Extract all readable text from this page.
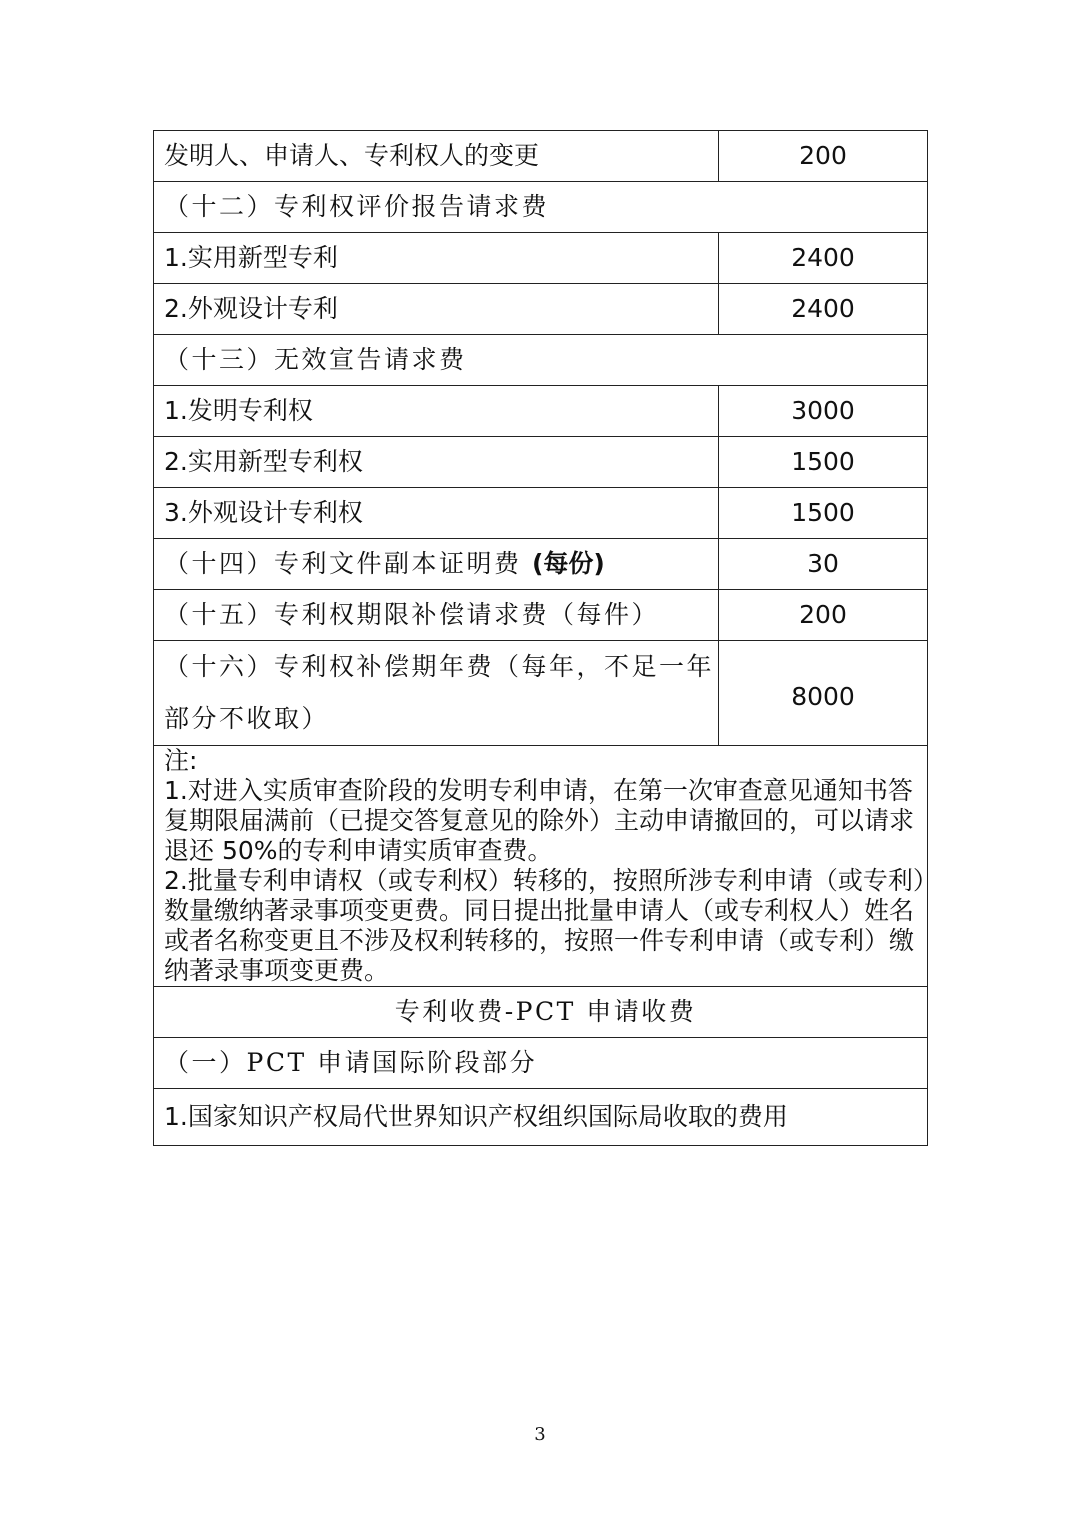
发明人、申请人、专利权人的变更	200
（十二）专利权评价报告请求费	
1.实用新型专利	2400
2.外观设计专利	2400
（十三）无效宣告请求费	
1.发明专利权	3000
2.实用新型专利权	1500
3.外观设计专利权	1500
（十四）专利文件副本证明费 (每份)	30
（十五）专利权期限补偿请求费（每件）	200
（十六）专利权补偿期年费（每年，不足一年部分不收取）	8000

注:

1.对进入实质审查阶段的发明专利申请，在第一次审查意见通知书答复期限届满前（已提交答复意见的除外）主动申请撤回的，可以请求退还 50%的专利申请实质审查费。

2.批量专利申请权（或专利权）转移的，按照所涉专利申请（或专利）数量缴纳著录事项变更费。同日提出批量申请人（或专利权人）姓名或者名称变更且不涉及权利转移的，按照一件专利申请（或专利）缴纳著录事项变更费。	

专利收费-PCT 申请收费	
（一）PCT 申请国际阶段部分	
1.国家知识产权局代世界知识产权组织国际局收取的费用	
3
